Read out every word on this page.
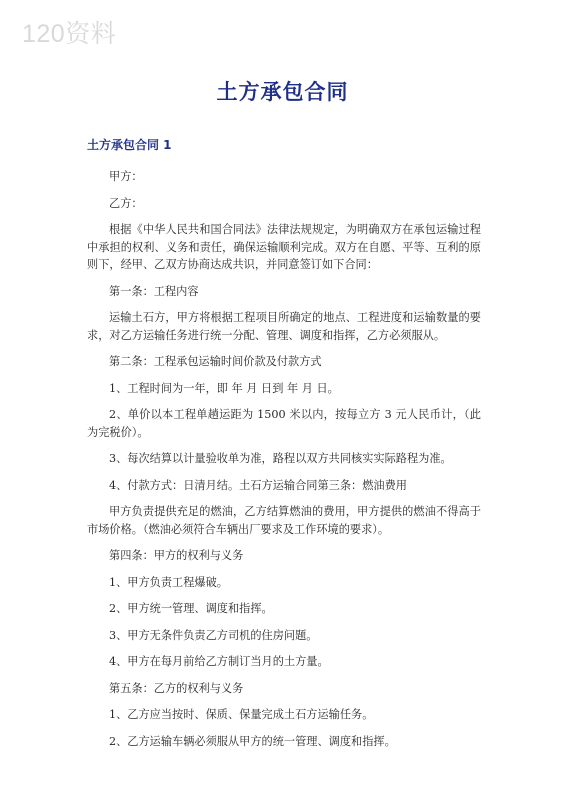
120资料
土方承包合同
土方承包合同 1

甲方：

乙方：

根据《中华人民共和国合同法》法律法规规定，为明确双方在承包运输过程中承担的权利、义务和责任，确保运输顺利完成。双方在自愿、平等、互利的原则下，经甲、乙双方协商达成共识，并同意签订如下合同：

第一条：工程内容

运输土石方，甲方将根据工程项目所确定的地点、工程进度和运输数量的要求，对乙方运输任务进行统一分配、管理、调度和指挥，乙方必须服从。

第二条：工程承包运输时间价款及付款方式

1、工程时间为一年，即 年 月 日到 年 月 日。

2、单价以本工程单趟运距为 1500 米以内，按每立方 3 元人民币计，（此为完税价）。

3、每次结算以计量验收单为准，路程以双方共同核实实际路程为准。

4、付款方式：日清月结。土石方运输合同第三条：燃油费用

甲方负责提供充足的燃油，乙方结算燃油的费用，甲方提供的燃油不得高于市场价格。（燃油必须符合车辆出厂要求及工作环境的要求）。

第四条：甲方的权利与义务

1、甲方负责工程爆破。

2、甲方统一管理、调度和指挥。

3、甲方无条件负责乙方司机的住房问题。

4、甲方在每月前给乙方制订当月的土方量。

第五条：乙方的权利与义务

1、乙方应当按时、保质、保量完成土石方运输任务。

2、乙方运输车辆必须服从甲方的统一管理、调度和指挥。
